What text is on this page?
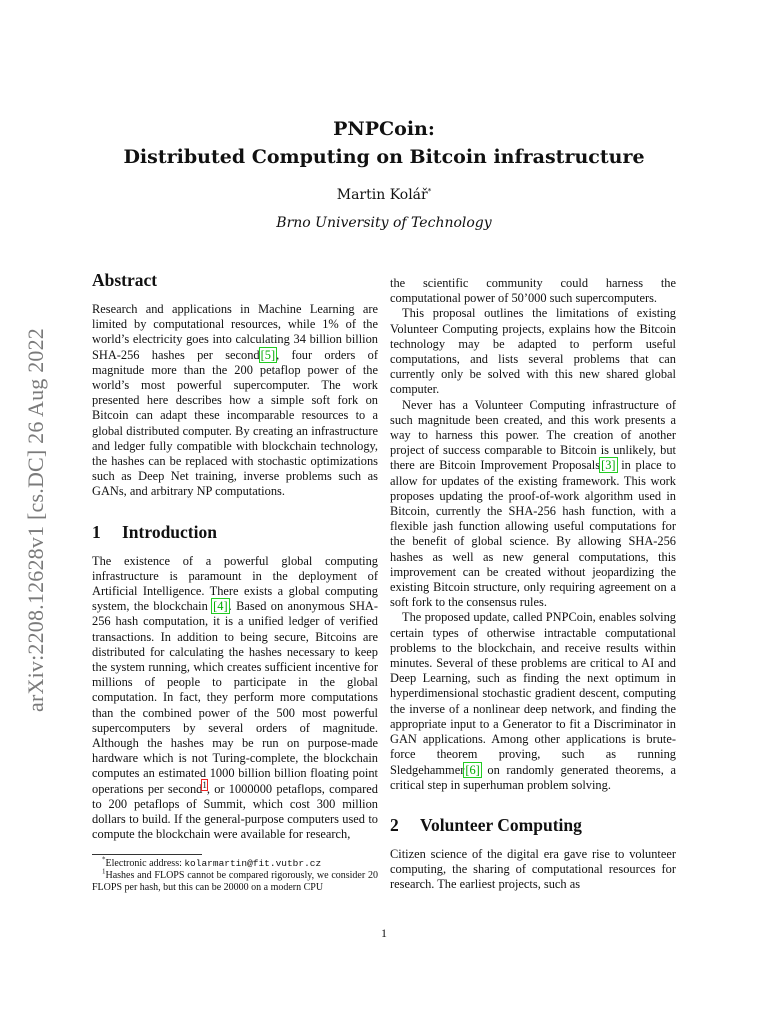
arXiv:2208.12628v1 [cs.DC] 26 Aug 2022
PNPCoin:
Distributed Computing on Bitcoin infrastructure
Martin Kolář*
Brno University of Technology
Abstract

Research and applications in Machine Learning are limited by computational resources, while 1% of the world’s electricity goes into calculating 34 billion billion SHA-256 hashes per second[5], four orders of magnitude more than the 200 petaflop power of the world’s most powerful supercomputer. The work presented here describes how a simple soft fork on Bitcoin can adapt these incomparable resources to a global distributed computer. By creating an infrastructure and ledger fully compatible with blockchain technology, the hashes can be replaced with stochastic optimizations such as Deep Net training, inverse problems such as GANs, and arbitrary NP computations.

1 Introduction

The existence of a powerful global computing infrastructure is paramount in the deployment of Artificial Intelligence. There exists a global computing system, the blockchain [4]. Based on anonymous SHA-256 hash computation, it is a unified ledger of verified transactions. In addition to being secure, Bitcoins are distributed for calculating the hashes necessary to keep the system running, which creates sufficient incentive for millions of people to participate in the global computation. In fact, they perform more computations than the combined power of the 500 most powerful supercomputers by several orders of magnitude. Although the hashes may be run on purpose-made hardware which is not Turing-complete, the blockchain computes an estimated 1000 billion billion floating point operations per second$^1$, or 1000000 petaflops, compared to 200 petaflops of Summit, which cost 300 million dollars to build. If the general-purpose computers used to compute the blockchain were available for research,

*Electronic address: kolarmartin@fit.vutbr.cz
$^1$Hashes and FLOPS cannot be compared rigorously, we consider 20 FLOPS per hash, but this can be 20000 on a modern CPU

the scientific community could harness the computational power of 50’000 such supercomputers.

This proposal outlines the limitations of existing Volunteer Computing projects, explains how the Bitcoin technology may be adapted to perform useful computations, and lists several problems that can currently only be solved with this new shared global computer.

Never has a Volunteer Computing infrastructure of such magnitude been created, and this work presents a way to harness this power. The creation of another project of success comparable to Bitcoin is unlikely, but there are Bitcoin Improvement Proposals[3] in place to allow for updates of the existing framework. This work proposes updating the proof-of-work algorithm used in Bitcoin, currently the SHA-256 hash function, with a flexible jash function allowing useful computations for the benefit of global science. By allowing SHA-256 hashes as well as new general computations, this improvement can be created without jeopardizing the existing Bitcoin structure, only requiring agreement on a soft fork to the consensus rules.

The proposed update, called PNPCoin, enables solving certain types of otherwise intractable computational problems to the blockchain, and receive results within minutes. Several of these problems are critical to AI and Deep Learning, such as finding the next optimum in hyperdimensional stochastic gradient descent, computing the inverse of a nonlinear deep network, and finding the appropriate input to a Generator to fit a Discriminator in GAN applications. Among other applications is brute-force theorem proving, such as running Sledgehammer[6] on randomly generated theorems, a critical step in superhuman problem solving.

2 Volunteer Computing

Citizen science of the digital era gave rise to volunteer computing, the sharing of computational resources for research. The earliest projects, such as

1
